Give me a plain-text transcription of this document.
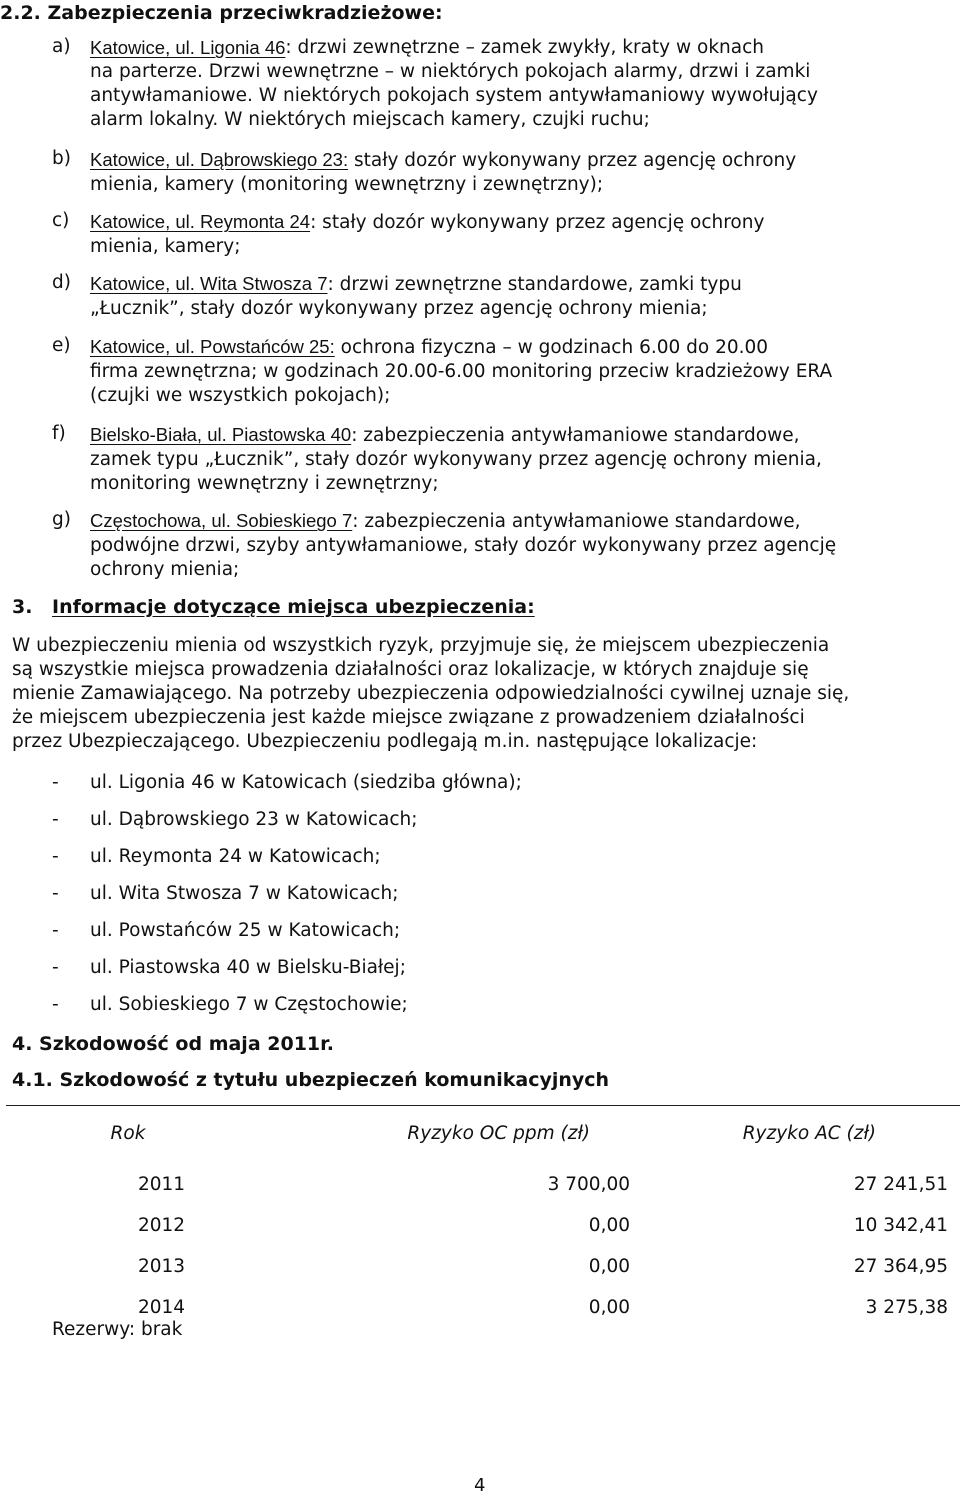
2.2. Zabezpieczenia przeciwkradzieżowe:
a) Katowice, ul. Ligonia 46 : drzwi zewnętrzne – zamek zwykły, kraty w oknach
na parterze. Drzwi wewnętrzne – w niektórych pokojach alarmy, drzwi i zamki
antywłamaniowe. W niektórych pokojach system antywłamaniowy wywołujący
alarm lokalny. W niektórych miejscach kamery, czujki ruchu;
b) Katowice, ul. Dąbrowskiego 23: stały dozór wykonywany przez agencję ochrony
mienia, kamery (monitoring wewnętrzny i zewnętrzny);
c) Katowice, ul. Reymonta 24: stały dozór wykonywany przez agencję ochrony
mienia, kamery;
d) Katowice, ul. Wita Stwosza 7: drzwi zewnętrzne standardowe, zamki typu
„Łucznik”, stały dozór wykonywany przez agencję ochrony mienia;
e) Katowice, ul. Powstańców 25: ochrona fizyczna – w godzinach 6.00 do 20.00
firma zewnętrzna; w godzinach 20.00-6.00 monitoring przeciw kradzieżowy ERA
(czujki we wszystkich pokojach);
f) Bielsko-Biała, ul. Piastowska 40: zabezpieczenia antywłamaniowe standardowe,
zamek typu „Łucznik”, stały dozór wykonywany przez agencję ochrony mienia,
monitoring wewnętrzny i zewnętrzny;
g) Częstochowa, ul. Sobieskiego 7: zabezpieczenia antywłamaniowe standardowe,
podwójne drzwi, szyby antywłamaniowe, stały dozór wykonywany przez agencję
ochrony mienia;
3. Informacje dotyczące miejsca ubezpieczenia:
W ubezpieczeniu mienia od wszystkich ryzyk, przyjmuje się, że miejscem ubezpieczenia
są wszystkie miejsca prowadzenia działalności oraz lokalizacje, w których znajduje się
mienie Zamawiającego. Na potrzeby ubezpieczenia odpowiedzialności cywilnej uznaje się,
że miejscem ubezpieczenia jest każde miejsce związane z prowadzeniem działalności
przez Ubezpieczającego. Ubezpieczeniu podlegają m.in. następujące lokalizacje:
- ul. Ligonia 46 w Katowicach (siedziba główna);
- ul. Dąbrowskiego 23 w Katowicach;
- ul. Reymonta 24 w Katowicach;
- ul. Wita Stwosza 7 w Katowicach;
- ul. Powstańców 25 w Katowicach;
- ul. Piastowska 40 w Bielsku-Białej;
- ul. Sobieskiego 7 w Częstochowie;
4. Szkodowość od maja 2011r.
4.1. Szkodowość z tytułu ubezpieczeń komunikacyjnych
Rok	Ryzyko OC ppm (zł)	Ryzyko AC (zł)
2011	3 700,00	27 241,51
2012	0,00	10 342,41
2013	0,00	27 364,95
2014	0,00	3 275,38
Rezerwy: brak
4
